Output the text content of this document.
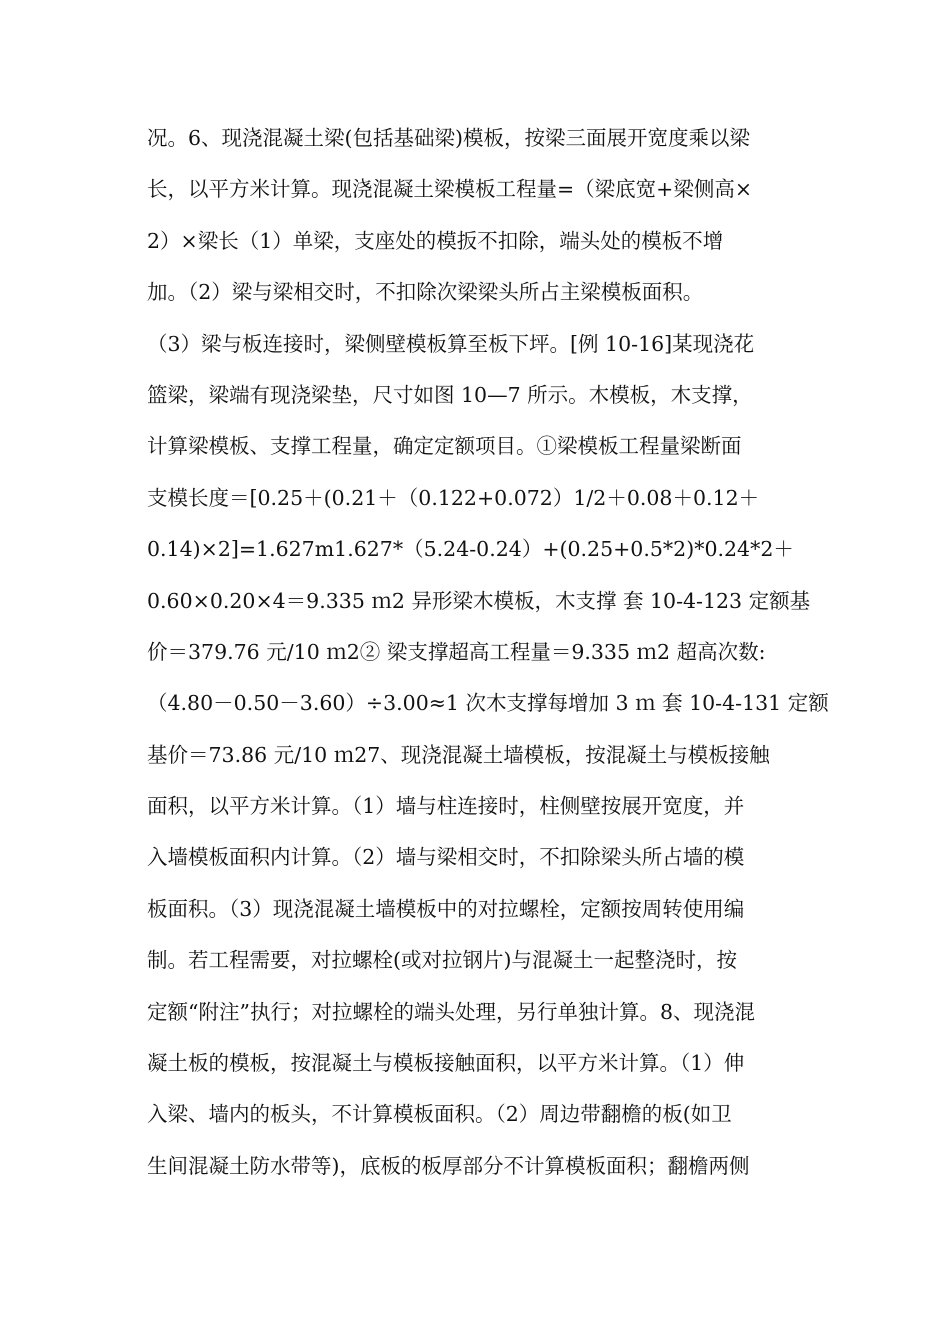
况。6、现浇混凝土梁(包括基础梁)模板，按梁三面展开宽度乘以梁
长，以平方米计算。现浇混凝土梁模板工程量=（梁底宽+梁侧高×
2）×梁长（1）单梁，支座处的模扳不扣除，端头处的模板不增
加。（2）梁与梁相交时，不扣除次梁梁头所占主梁模板面积。
（3）梁与板连接时，梁侧壁模板算至板下坪。[例 10-16]某现浇花
篮梁，梁端有现浇梁垫，尺寸如图 10—7 所示。木模板，木支撑，
计算梁模板、支撑工程量，确定定额项目。①梁模板工程量梁断面
支模长度＝[0.25＋(0.21＋（0.122+0.072）1/2＋0.08＋0.12＋
0.14)×2]=1.627m1.627*（5.24-0.24）+(0.25+0.5*2)*0.24*2＋
0.60×0.20×4＝9.335 ｍ2 异形梁木模板，木支撑 套 10-4-123 定额基
价＝379.76 元/10 ｍ2② 梁支撑超高工程量＝9.335 ｍ2 超高次数:
（4.80－0.50－3.60）÷3.00≈1 次木支撑每增加 3 ｍ 套 10-4-131 定额
基价＝73.86 元/10 ｍ27、现浇混凝土墙模板，按混凝土与模板接触
面积，以平方米计算。（1）墙与柱连接时，柱侧壁按展开宽度，并
入墙模板面积内计算。（2）墙与梁相交时，不扣除梁头所占墙的模
板面积。（3）现浇混凝土墙模板中的对拉螺栓，定额按周转使用编
制。若工程需要，对拉螺栓(或对拉钢片)与混凝土一起整浇时，按
定额“附注”执行；对拉螺栓的端头处理，另行单独计算。8、现浇混
凝土板的模板，按混凝土与模板接触面积，以平方米计算。（1）伸
入梁、墙内的板头，不计算模板面积。（2）周边带翻檐的板(如卫
生间混凝土防水带等)，底板的板厚部分不计算模板面积；翻檐两侧
